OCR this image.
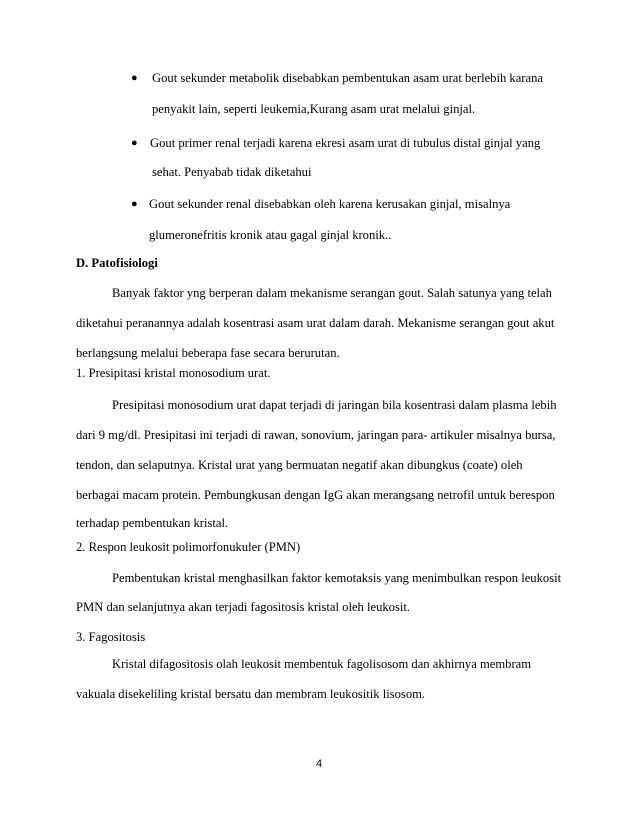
● Gout sekunder metabolik disebabkan pembentukan asam urat berlebih karana
penyakit lain, seperti leukemia,Kurang asam urat melalui ginjal.
● Gout primer renal terjadi karena ekresi asam urat di tubulus distal ginjal yang
sehat. Penyabab tidak diketahui
● Gout sekunder renal disebabkan oleh karena kerusakan ginjal, misalnya
glumeronefritis kronik atau gagal ginjal kronik..
D. Patofisiologi
Banyak faktor yng berperan dalam mekanisme serangan gout. Salah satunya yang telah
diketahui peranannya adalah kosentrasi asam urat dalam darah. Mekanisme serangan gout akut
berlangsung melalui beberapa fase secara berurutan.
1. Presipitasi kristal monosodium urat.
Presipitasi monosodium urat dapat terjadi di jaringan bila kosentrasi dalam plasma lebih
dari 9 mg/dl. Presipitasi ini terjadi di rawan, sonovium, jaringan para- artikuler misalnya bursa,
tendon, dan selaputnya. Kristal urat yang bermuatan negatif akan dibungkus (coate) oleh
berbagai macam protein. Pembungkusan dengan IgG akan merangsang netrofil untuk berespon
terhadap pembentukan kristal.
2. Respon leukosit polimorfonukuler (PMN)
Pembentukan kristal menghasilkan faktor kemotaksis yang menimbulkan respon leukosit
PMN dan selanjutnya akan terjadi fagositosis kristal oleh leukosit.
3. Fagositosis
Kristal difagositosis olah leukosit membentuk fagolisosom dan akhirnya membram
vakuala disekeliling kristal bersatu dan membram leukositik lisosom.
4
